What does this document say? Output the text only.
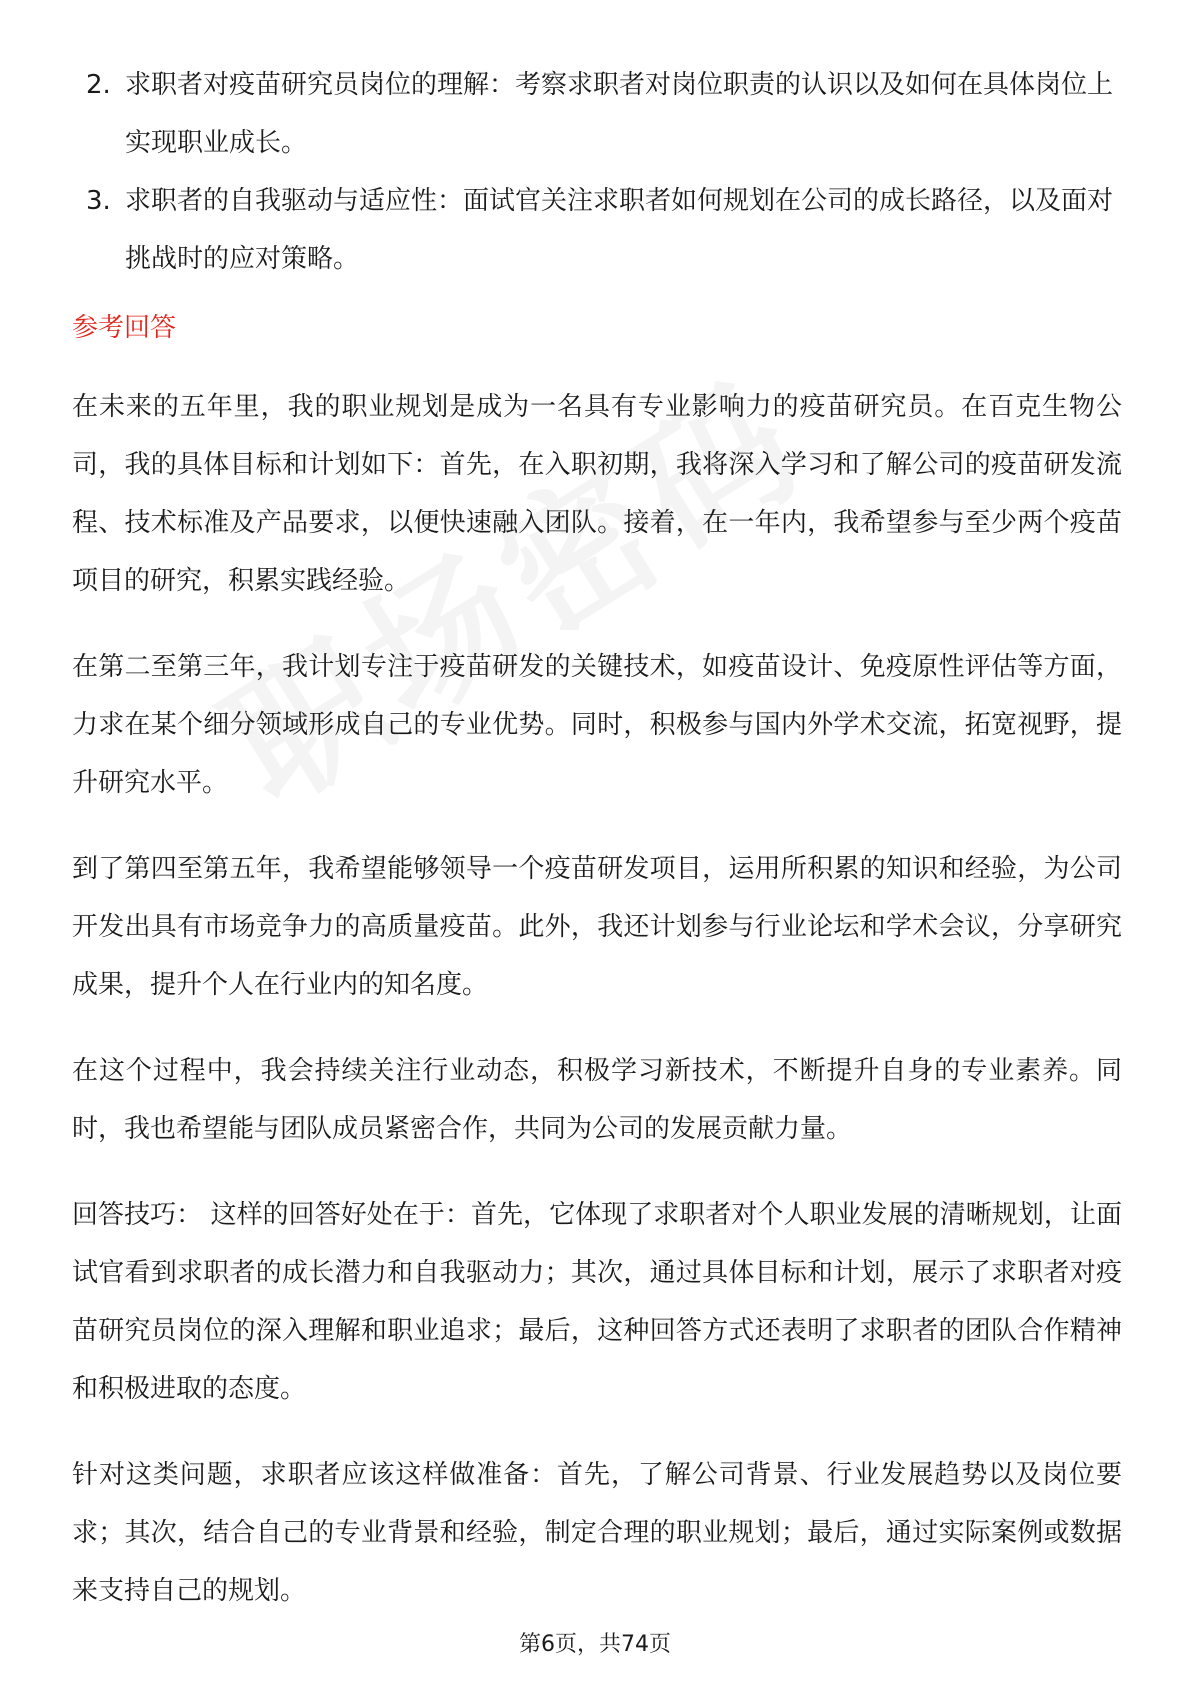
2. 求职者对疫苗研究员岗位的理解：考察求职者对岗位职责的认识以及如何在具体岗位上实现职业成长。
3. 求职者的自我驱动与适应性：面试官关注求职者如何规划在公司的成长路径，以及面对挑战时的应对策略。
参考回答

在未来的五年里，我的职业规划是成为一名具有专业影响力的疫苗研究员。在百克生物公司，我的具体目标和计划如下：首先，在入职初期，我将深入学习和了解公司的疫苗研发流程、技术标准及产品要求，以便快速融入团队。接着，在一年内，我希望参与至少两个疫苗项目的研究，积累实践经验。

在第二至第三年，我计划专注于疫苗研发的关键技术，如疫苗设计、免疫原性评估等方面，力求在某个细分领域形成自己的专业优势。同时，积极参与国内外学术交流，拓宽视野，提升研究水平。

到了第四至第五年，我希望能够领导一个疫苗研发项目，运用所积累的知识和经验，为公司开发出具有市场竞争力的高质量疫苗。此外，我还计划参与行业论坛和学术会议，分享研究成果，提升个人在行业内的知名度。

在这个过程中，我会持续关注行业动态，积极学习新技术，不断提升自身的专业素养。同时，我也希望能与团队成员紧密合作，共同为公司的发展贡献力量。

回答技巧： 这样的回答好处在于：首先，它体现了求职者对个人职业发展的清晰规划，让面试官看到求职者的成长潜力和自我驱动力；其次，通过具体目标和计划，展示了求职者对疫苗研究员岗位的深入理解和职业追求；最后，这种回答方式还表明了求职者的团队合作精神和积极进取的态度。

针对这类问题，求职者应该这样做准备：首先，了解公司背景、行业发展趋势以及岗位要求；其次，结合自己的专业背景和经验，制定合理的职业规划；最后，通过实际案例或数据来支持自己的规划。

第6页，共74页
